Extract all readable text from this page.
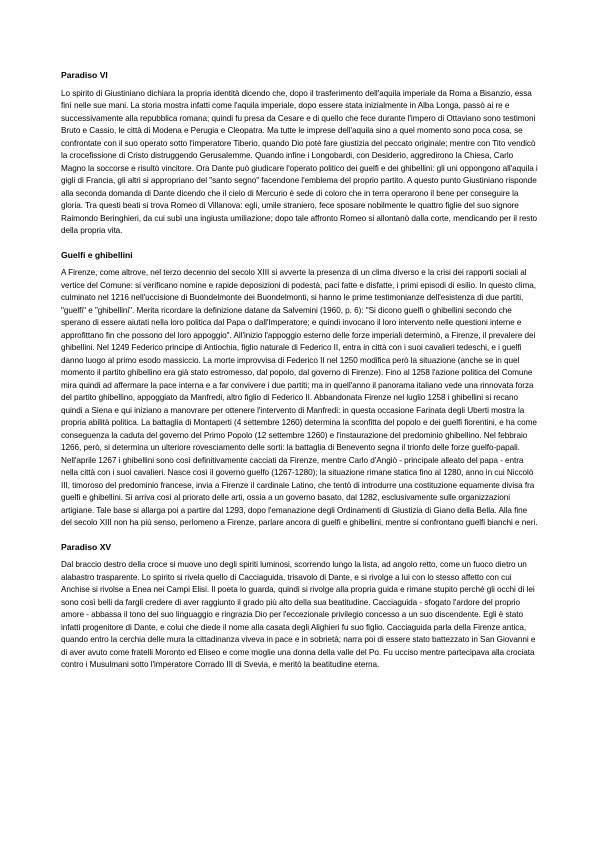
Paradiso VI

Lo spirito di Giustiniano dichiara la propria identità dicendo che, dopo il trasferimento dell'aquila imperiale da Roma a Bisanzio, essa finì nelle sue mani. La storia mostra infatti come l'aquila imperiale, dopo essere stata inizialmente in Alba Longa, passò ai re e successivamente alla repubblica romana; quindi fu presa da Cesare e di quello che fece durante l'impero di Ottaviano sono testimoni Bruto e Cassio, le città di Modena e Perugia e Cleopatra. Ma tutte le imprese dell'aquila sino a quel momento sono poca cosa, se confrontate con il suo operato sotto l'imperatore Tiberio, quando Dio poté fare giustizia del peccato originale; mentre con Tito vendicò la crocefissione di Cristo distruggendo Gerusalemme. Quando infine i Longobardi, con Desiderio, aggredirono la Chiesa, Carlo Magno la soccorse e risultò vincitore. Ora Dante può giudicare l'operato politico dei guelfi e dei ghibellini: gli uni oppongono all'aquila i gigli di Francia, gli altri si appropriano del "santo segno" facendone l'emblema del proprio partito. A questo punto Giustiniano risponde alla seconda domanda di Dante dicendo che il cielo di Mercurio è sede di coloro che in terra operarono il bene per conseguire la gloria. Tra questi beati si trova Romeo di Villanova: egli, umile straniero, fece sposare nobilmente le quattro figlie del suo signore Raimondo Beringhieri, da cui subì una ingiusta umiliazione; dopo tale affronto Romeo si allontanò dalla corte, mendicando per il resto della propria vita.

Guelfi e ghibellini

A Firenze, come altrove, nel terzo decennio del secolo XIII si avverte la presenza di un clima diverso e la crisi dei rapporti sociali al vertice del Comune: si verificano nomine e rapide deposizioni di podestà, paci fatte e disfatte, i primi episodi di esilio. In questo clima, culminato nel 1216 nell'uccisione di Buondelmonte dei Buondelmonti, si hanno le prime testimonianze dell'esistenza di due partiti, "guelfi" e "ghibellini". Merita ricordare la definizione datane da Salvemini (1960, p. 6): "Si dicono guelfi o ghibellini secondo che sperano di essere aiutati nella loro politica dal Papa o dall'Imperatore; e quindi invocano il loro intervento nelle questioni interne e approfittano fin che possono del loro appoggio". All'inizio l'appoggio esterno delle forze imperiali determinò, a Firenze, il prevalere dei ghibellini. Nel 1249 Federico principe di Antiochia, figlio naturale di Federico II, entra in città con i suoi cavalieri tedeschi, e i guelfi danno luogo al primo esodo massiccio. La morte improvvisa di Federico II nel 1250 modifica però la situazione (anche se in quel momento il partito ghibellino era già stato estromesso, dal popolo, dal governo di Firenze). Fino al 1258 l'azione politica del Comune mira quindi ad affermare la pace interna e a far convivere i due partiti; ma in quell'anno il panorama italiano vede una rinnovata forza del partito ghibellino, appoggiato da Manfredi, altro figlio di Federico II. Abbandonata Firenze nel luglio 1258 i ghibellini si recano quindi a Siena e qui iniziano a manovrare per ottenere l'intervento di Manfredi: in questa occasione Farinata degli Uberti mostra la propria abilità politica. La battaglia di Montaperti (4 settembre 1260) determina la sconfitta del popolo e dei guelfi fiorentini, e ha come conseguenza la caduta del governo del Primo Popolo (12 settembre 1260) e l'instaurazione del predominio ghibellino. Nel febbraio 1266, però, si determina un ulteriore rovesciamento delle sorti: la battaglia di Benevento segna il trionfo delle forze guelfo-papali. Nell'aprile 1267 i ghibellini sono così definitivamente cacciati da Firenze, mentre Carlo d'Angiò - principale alleato del papa - entra nella città con i suoi cavalieri. Nasce così il governo guelfo (1267-1280); la situazione rimane statica fino al 1280, anno in cui Niccolò III, timoroso del predominio francese, invia a Firenze il cardinale Latino, che tentò di introdurre una costituzione equamente divisa fra guelfi e ghibellini. Si arriva così al priorato delle arti, ossia a un governo basato, dal 1282, esclusivamente sulle organizzazioni artigiane. Tale base si allarga poi a partire dal 1293, dopo l'emanazione degli Ordinamenti di Giustizia di Giano della Bella. Alla fine del secolo XIII non ha più senso, perlomeno a Firenze, parlare ancora di guelfi e ghibellini, mentre si confrontano guelfi bianchi e neri.

Paradiso XV

Dal braccio destro della croce si muove uno degli spiriti luminosi, scorrendo lungo la lista, ad angolo retto, come un fuoco dietro un alabastro trasparente. Lo spirito si rivela quello di Cacciaguida, trisavolo di Dante, e si rivolge a lui con lo stesso affetto con cui Anchise si rivolse a Enea nei Campi Elisi. Il poeta lo guarda, quindi si rivolge alla propria guida e rimane stupito perché gli occhi di lei sono così belli da fargli credere di aver raggiunto il grado più alto della sua beatitudine. Cacciaguida - sfogato l'ardore del proprio amore - abbassa il tono del suo linguaggio e ringrazia Dio per l'eccezionale privilegio concesso a un suo discendente. Egli è stato infatti progenitore di Dante, e colui che diede il nome alla casata degli Alighieri fu suo figlio. Cacciaguida parla della Firenze antica, quando entro la cerchia delle mura la cittadinanza viveva in pace e in sobrietà; narra poi di essere stato battezzato in San Giovanni e di aver avuto come fratelli Moronto ed Eliseo e come moglie una donna della valle del Po. Fu ucciso mentre partecipava alla crociata contro i Musulmani sotto l'imperatore Corrado III di Svevia, e meritò la beatitudine eterna.
